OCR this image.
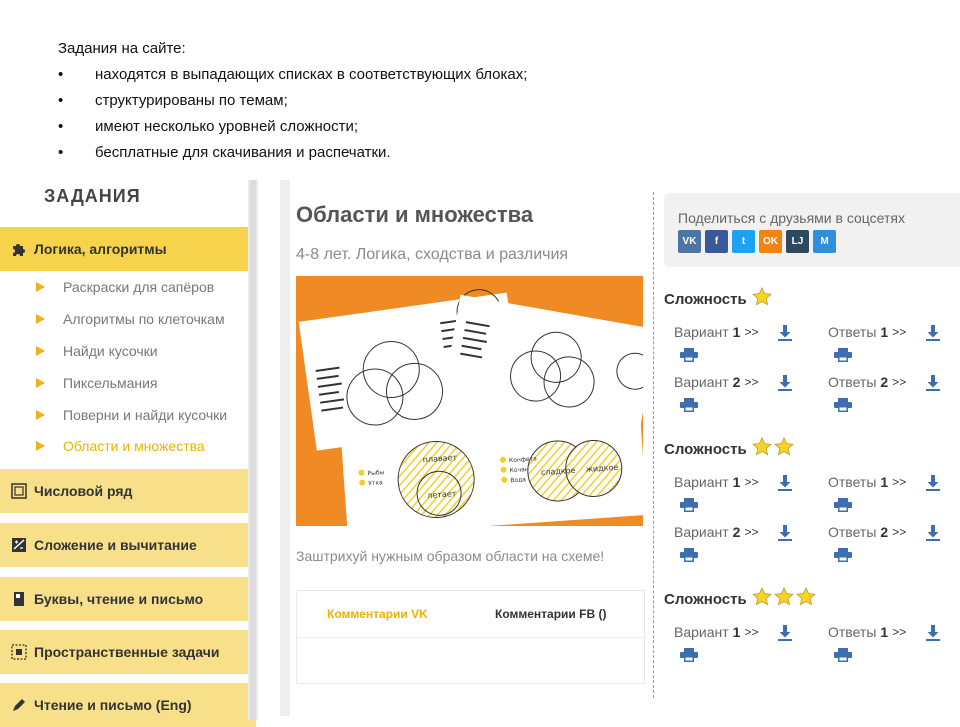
Задания на сайте:
• находятся в выпадающих списках в соответствующих блоках;
• структурированы по темам;
• имеют несколько уровней сложности;
• бесплатные для скачивания и распечатки.
ЗАДАНИЯ
Логика, алгоритмы
Раскраски для сапёров
Алгоритмы по клеточкам
Найди кусочки
Пиксельмания
Поверни и найди кусочки
Области и множества
Числовой ряд
Сложение и вычитание
Буквы, чтение и письмо
Пространственные задачи
Чтение и письмо (Eng)
Области и множества
4-8 лет. Логика, сходства и различия
плавает
летает
сладкое жидкое
Рыбы
Утка
Конфета
Кочан
Вода
Заштрихуй нужным образом области на схеме!
Комментарии VK	Комментарии FB ()
Поделиться с друзьями в соцсетях
VK	f	t	OK	LJ	M
Сложность
Вариант 1 >>	Ответы 1 >>
Вариант 2 >>	Ответы 2 >>
Сложность
Вариант 1 >>	Ответы 1 >>
Вариант 2 >>	Ответы 2 >>
Сложность
Вариант 1 >>	Ответы 1 >>
